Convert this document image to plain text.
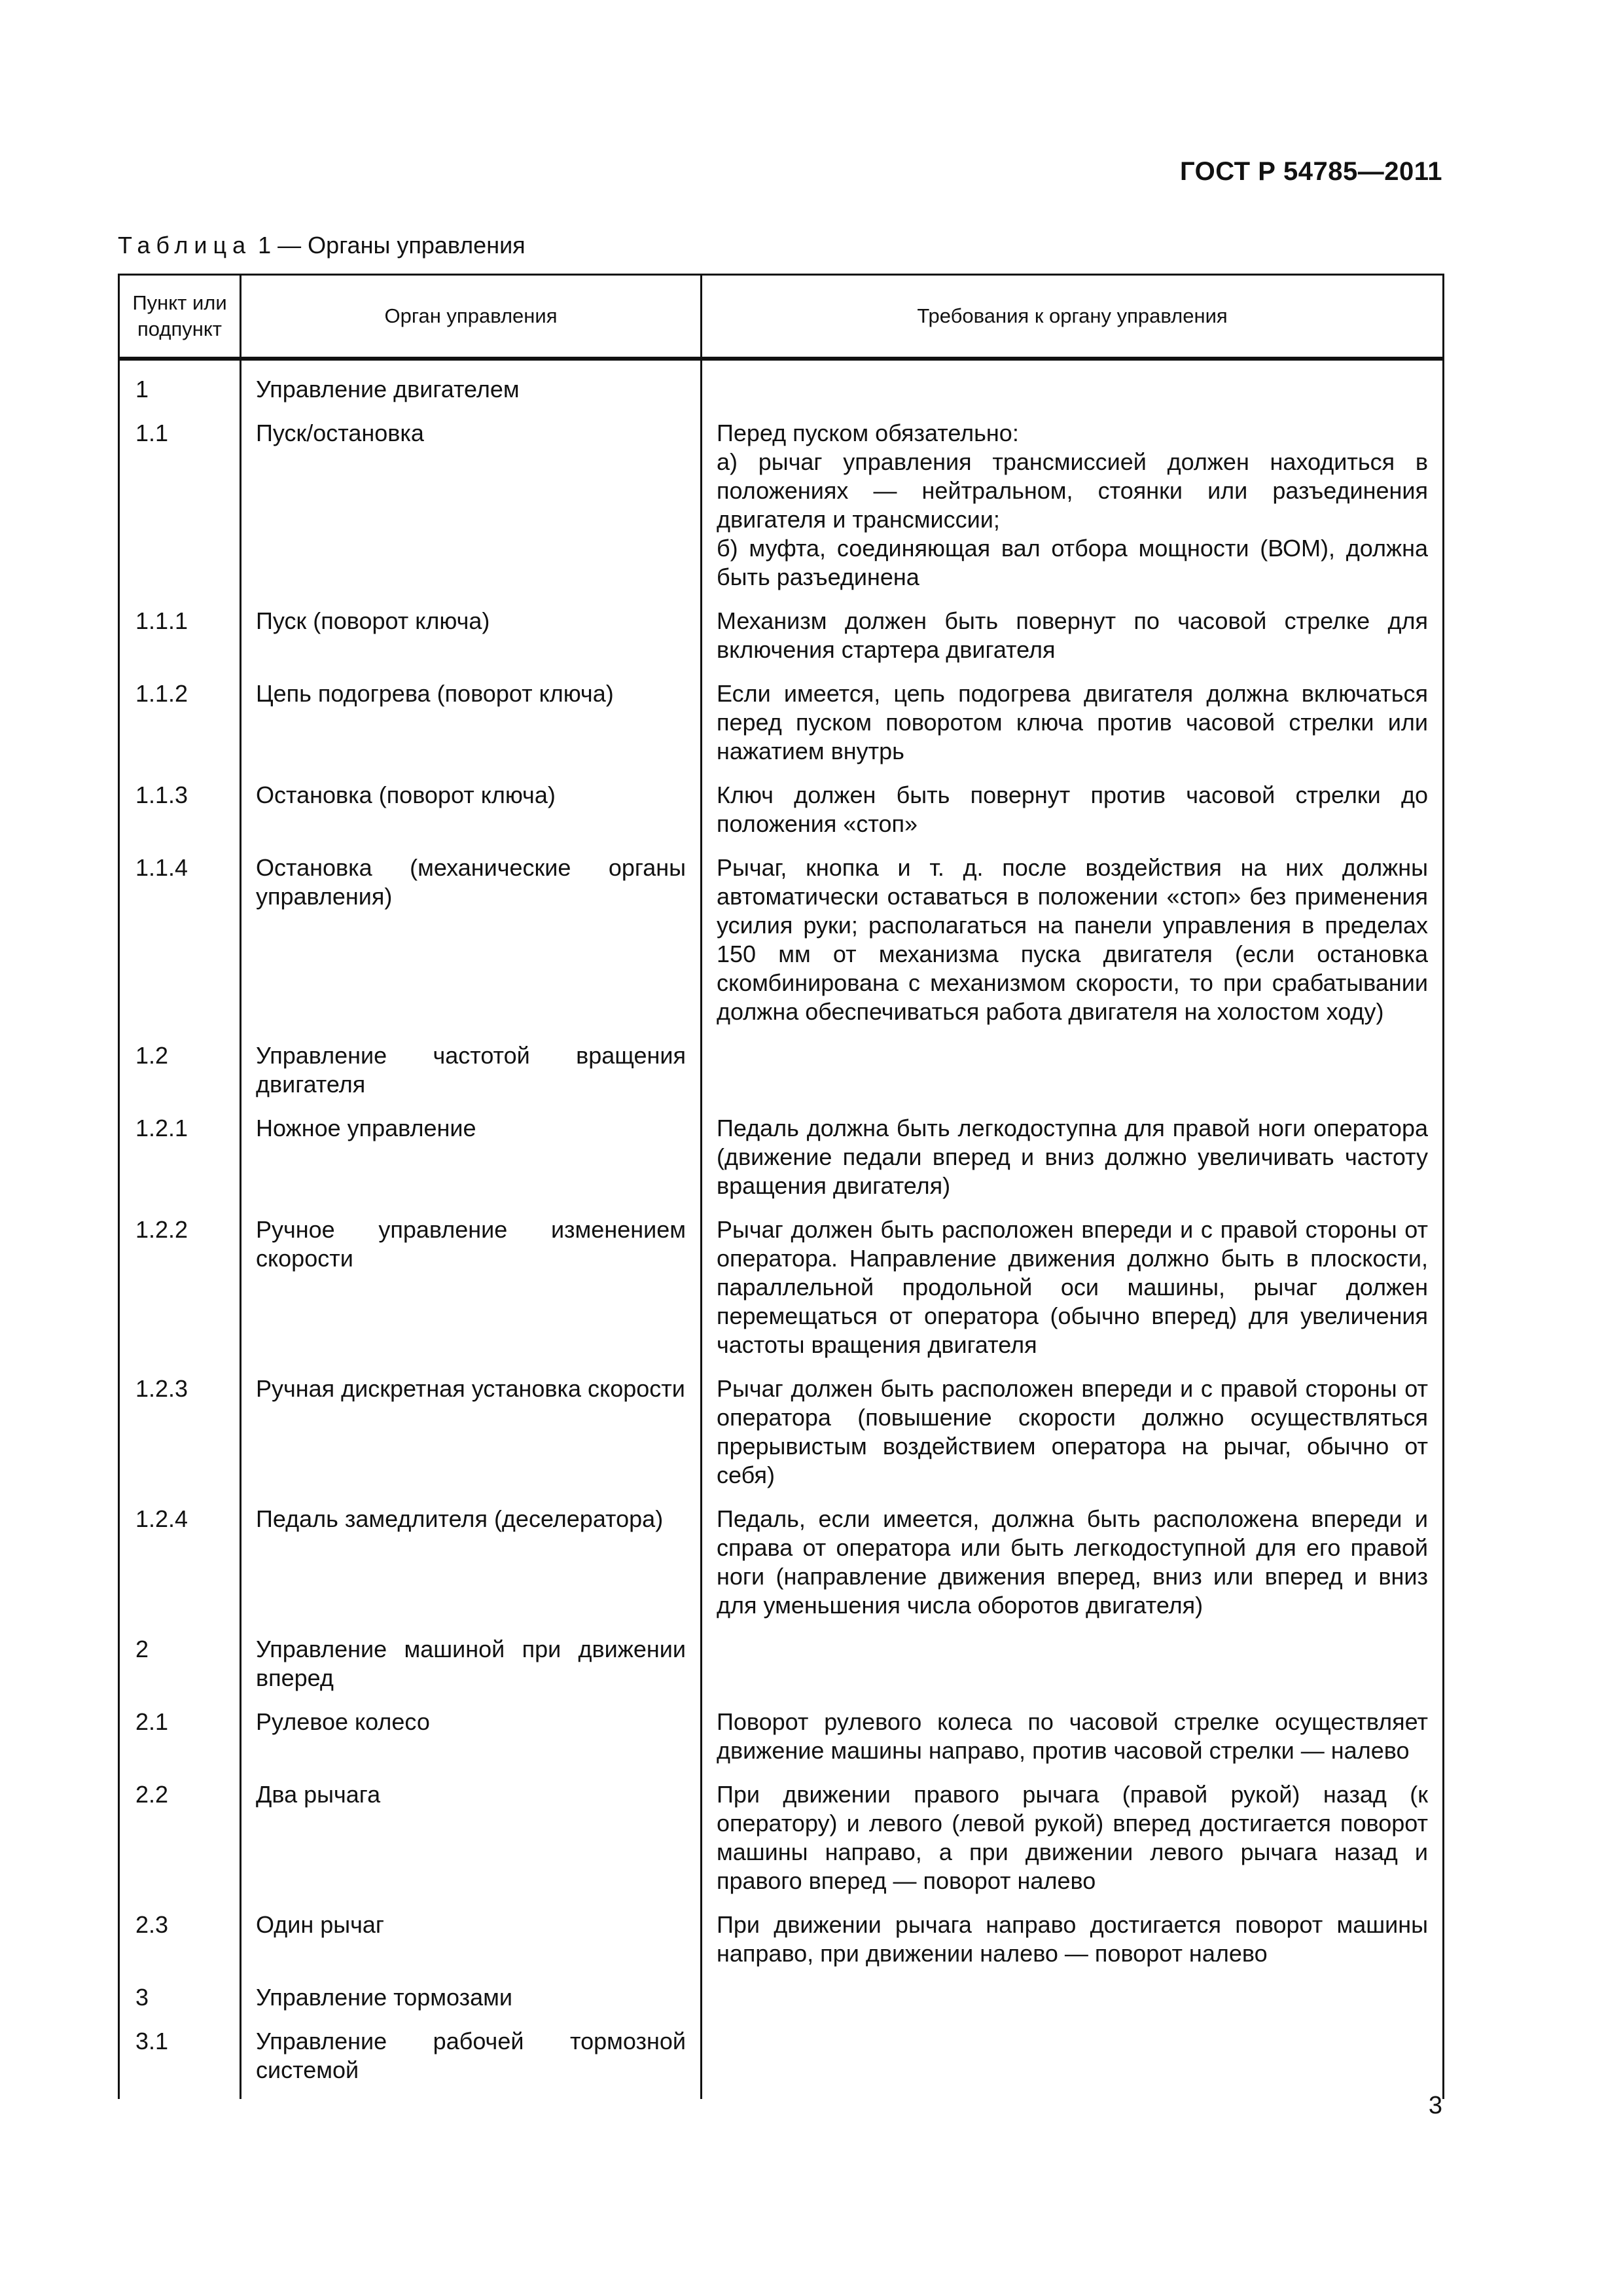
ГОСТ Р 54785—2011
Таблица 1 — Органы управления
Пункт или подпункт	Орган управления	Требования к органу управления
1	Управление двигателем	
1.1	Пуск/остановка	Перед пуском обязательно:
а) рычаг управления трансмиссией должен находиться в положениях — нейтральном, стоянки или разъединения двигателя и трансмиссии;
б) муфта, соединяющая вал отбора мощности (ВОМ), должна быть разъединена

1.1.1	Пуск (поворот ключа)	Механизм должен быть повернут по часовой стрелке для включения стартера двигателя
1.1.2	Цепь подогрева (поворот ключа)	Если имеется, цепь подогрева двигателя должна включаться перед пуском поворотом ключа против часовой стрелки или нажатием внутрь
1.1.3	Остановка (поворот ключа)	Ключ должен быть повернут против часовой стрелки до положения «стоп»
1.1.4	Остановка (механические органы управления)	Рычаг, кнопка и т. д. после воздействия на них должны автоматически оставаться в положении «стоп» без применения усилия руки; располагаться на панели управления в пределах 150 мм от механизма пуска двигателя (если остановка скомбинирована с механизмом скорости, то при срабатывании должна обеспечиваться работа двигателя на холостом ходу)
1.2	Управление частотой вращения двигателя	
1.2.1	Ножное управление	Педаль должна быть легкодоступна для правой ноги оператора (движение педали вперед и вниз должно увеличивать частоту вращения двигателя)
1.2.2	Ручное управление изменением скорости	Рычаг должен быть расположен впереди и с правой стороны от оператора. Направление движения должно быть в плоскости, параллельной продольной оси машины, рычаг должен перемещаться от оператора (обычно вперед) для увеличения частоты вращения двигателя
1.2.3	Ручная дискретная установка скорости	Рычаг должен быть расположен впереди и с правой стороны от оператора (повышение скорости должно осуществляться прерывистым воздействием оператора на рычаг, обычно от себя)
1.2.4	Педаль замедлителя (деселератора)	Педаль, если имеется, должна быть расположена впереди и справа от оператора или быть легкодоступной для его правой ноги (направление движения вперед, вниз или вперед и вниз для уменьшения числа оборотов двигателя)
2	Управление машиной при движении вперед	
2.1	Рулевое колесо	Поворот рулевого колеса по часовой стрелке осуществляет движение машины направо, против часовой стрелки — налево
2.2	Два рычага	При движении правого рычага (правой рукой) назад (к оператору) и левого (левой рукой) вперед достигается поворот машины направо, а при движении левого рычага назад и правого вперед — поворот налево
2.3	Один рычаг	При движении рычага направо достигается поворот машины направо, при движении налево — поворот налево
3	Управление тормозами	
3.1	Управление рабочей тормозной системой	
3
